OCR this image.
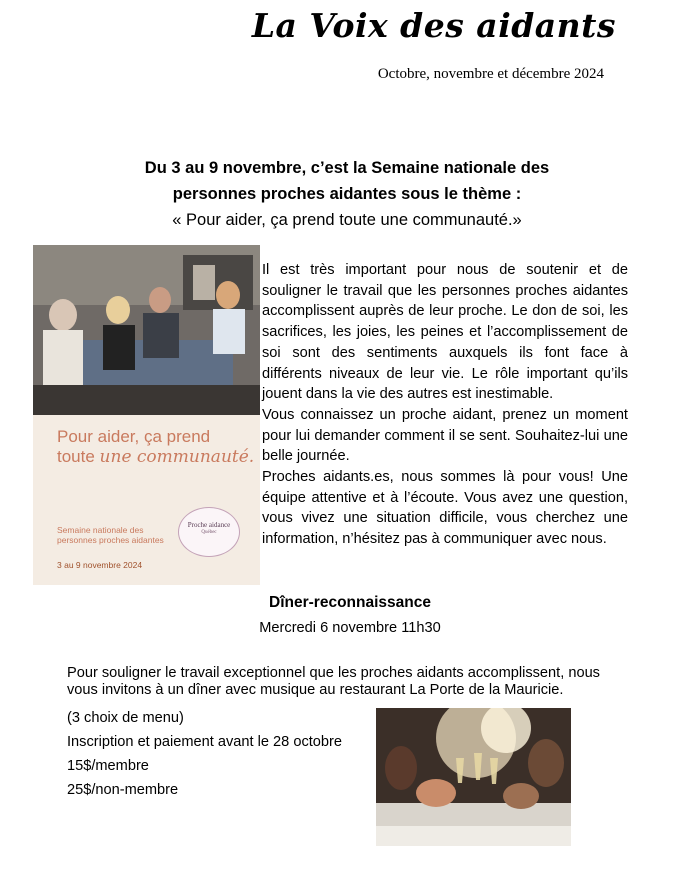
La Voix des aidants
Octobre, novembre et décembre 2024
Du 3 au 9 novembre, c’est la Semaine nationale des
personnes proches aidantes sous le thème :
« Pour aider, ça prend toute une communauté.»
Pour aider, ça prend
toute une communauté.
Semaine nationale des personnes proches aidantes
3 au 9 novembre 2024
Proche aidance
Québec

Il est très important pour nous de soutenir et de souligner le travail que les personnes proches aidantes accomplissent auprès de leur proche. Le don de soi, les sacrifices, les joies, les peines et l’accomplissement de soi sont des sentiments auxquels ils font face à différents niveaux de leur vie. Le rôle important qu’ils jouent dans la vie des autres est inestimable.

Vous connaissez un proche aidant, prenez un moment pour lui demander comment il se sent. Souhaitez-lui une belle journée.

Proches aidants.es, nous sommes là pour vous! Une équipe attentive et à l’écoute. Vous avez une question, vous vivez une situation difficile, vous cherchez une information, n’hésitez pas à communiquer avec nous.

Dîner-reconnaissance
Mercredi 6 novembre 11h30
Pour souligner le travail exceptionnel que les proches aidants accomplissent, nous vous invitons à un dîner avec musique au restaurant La Porte de la Mauricie.
(3 choix de menu)
Inscription et paiement avant le 28 octobre
15$/membre
25$/non-membre
